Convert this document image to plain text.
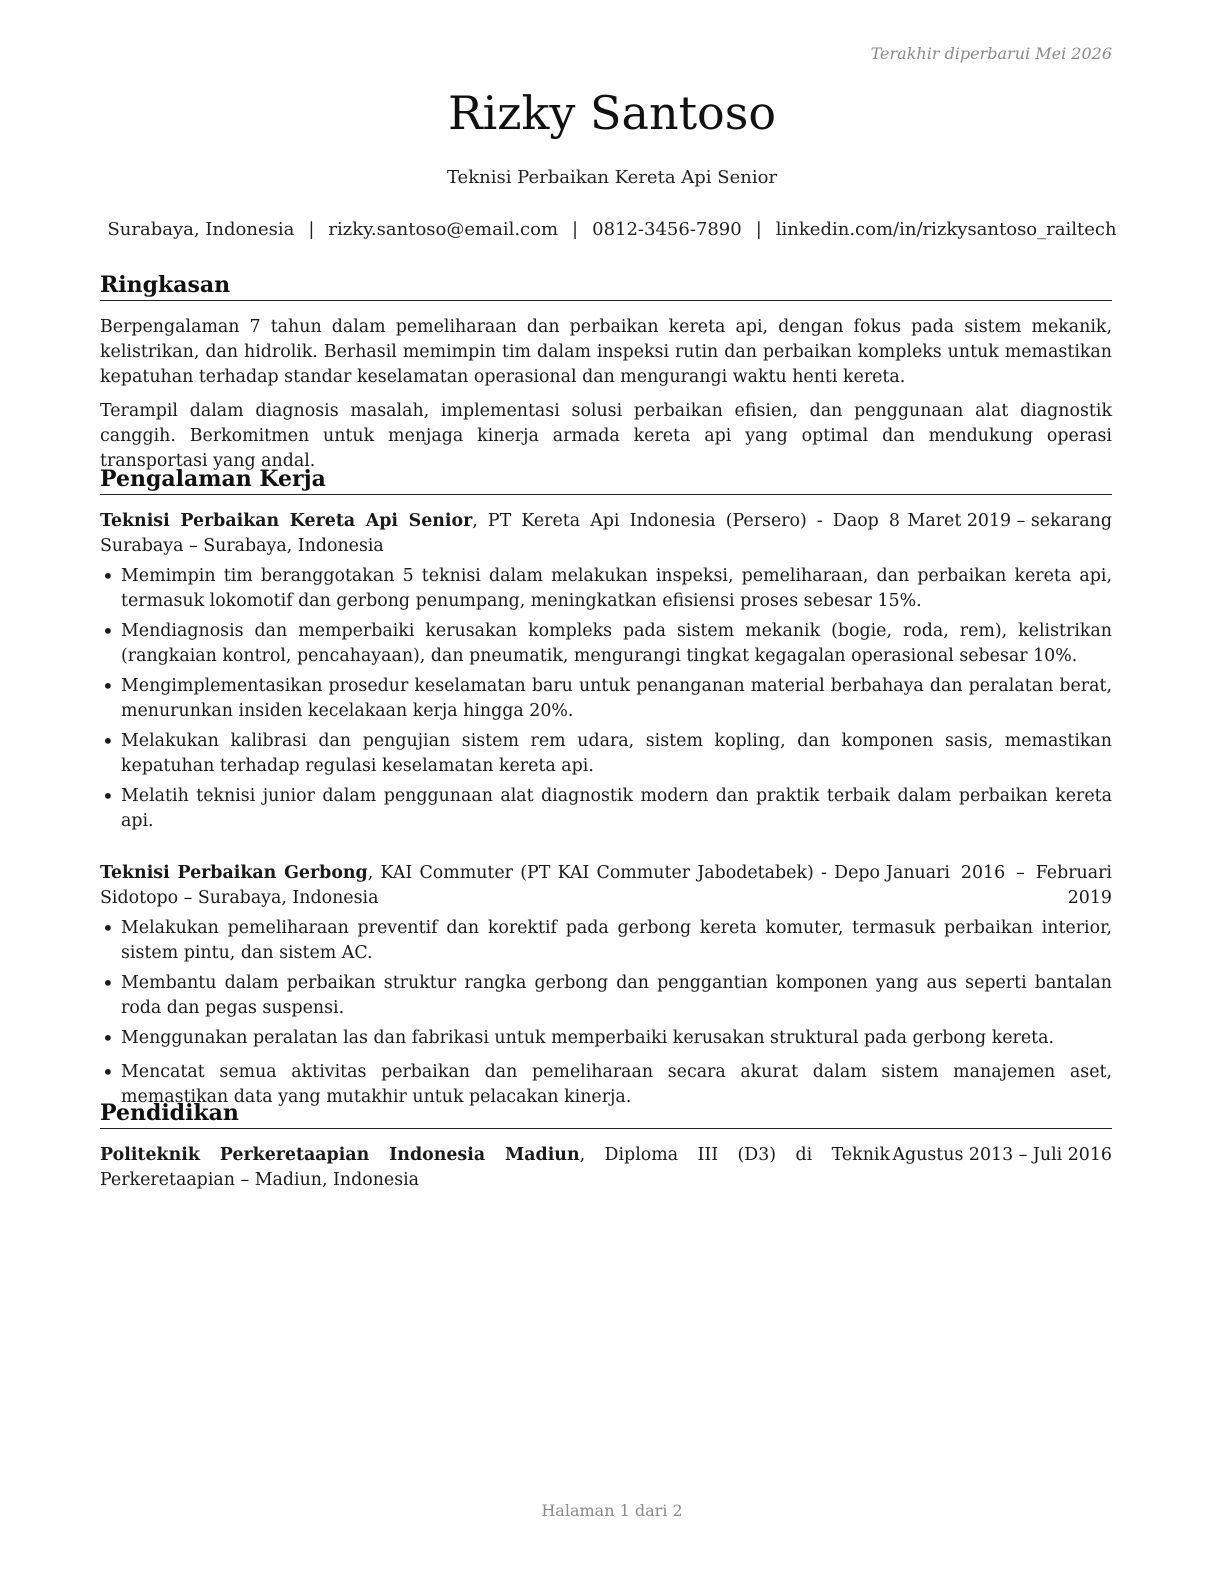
Terakhir diperbarui Mei 2026
Rizky Santoso
Teknisi Perbaikan Kereta Api Senior
Surabaya, Indonesia | rizky.santoso@email.com | 0812-3456-7890 | linkedin.com/in/rizkysantoso_railtech
Ringkasan

Berpengalaman 7 tahun dalam pemeliharaan dan perbaikan kereta api, dengan fokus pada sistem mekanik, kelistrikan, dan hidrolik. Berhasil memimpin tim dalam inspeksi rutin dan perbaikan kompleks untuk memastikan kepatuhan terhadap standar keselamatan operasional dan mengurangi waktu henti kereta.

Terampil dalam diagnosis masalah, implementasi solusi perbaikan efisien, dan penggunaan alat diagnostik canggih. Berkomitmen untuk menjaga kinerja armada kereta api yang optimal dan mendukung operasi transportasi yang andal.

Pengalaman Kerja
Teknisi Perbaikan Kereta Api Senior, PT Kereta Api Indonesia (Persero) - Daop 8 Surabaya – Surabaya, Indonesia
Maret 2019 – sekarang
• Memimpin tim beranggotakan 5 teknisi dalam melakukan inspeksi, pemeliharaan, dan perbaikan kereta api, termasuk lokomotif dan gerbong penumpang, meningkatkan efisiensi proses sebesar 15%.
• Mendiagnosis dan memperbaiki kerusakan kompleks pada sistem mekanik (bogie, roda, rem), kelistrikan (rangkaian kontrol, pencahayaan), dan pneumatik, mengurangi tingkat kegagalan operasional sebesar 10%.
• Mengimplementasikan prosedur keselamatan baru untuk penanganan material berbahaya dan peralatan berat, menurunkan insiden kecelakaan kerja hingga 20%.
• Melakukan kalibrasi dan pengujian sistem rem udara, sistem kopling, dan komponen sasis, memastikan kepatuhan terhadap regulasi keselamatan kereta api.
• Melatih teknisi junior dalam penggunaan alat diagnostik modern dan praktik terbaik dalam perbaikan kereta api.
Teknisi Perbaikan Gerbong, KAI Commuter (PT KAI Commuter Jabodetabek) - Depo Sidotopo – Surabaya, Indonesia
Januari 2016 – Februari 2019
• Melakukan pemeliharaan preventif dan korektif pada gerbong kereta komuter, termasuk perbaikan interior, sistem pintu, dan sistem AC.
• Membantu dalam perbaikan struktur rangka gerbong dan penggantian komponen yang aus seperti bantalan roda dan pegas suspensi.
• Menggunakan peralatan las dan fabrikasi untuk memperbaiki kerusakan struktural pada gerbong kereta.
• Mencatat semua aktivitas perbaikan dan pemeliharaan secara akurat dalam sistem manajemen aset, memastikan data yang mutakhir untuk pelacakan kinerja.
Pendidikan
Politeknik Perkeretaapian Indonesia Madiun, Diploma III (D3) di Teknik Perkeretaapian – Madiun, Indonesia
Agustus 2013 – Juli 2016
Halaman 1 dari 2
